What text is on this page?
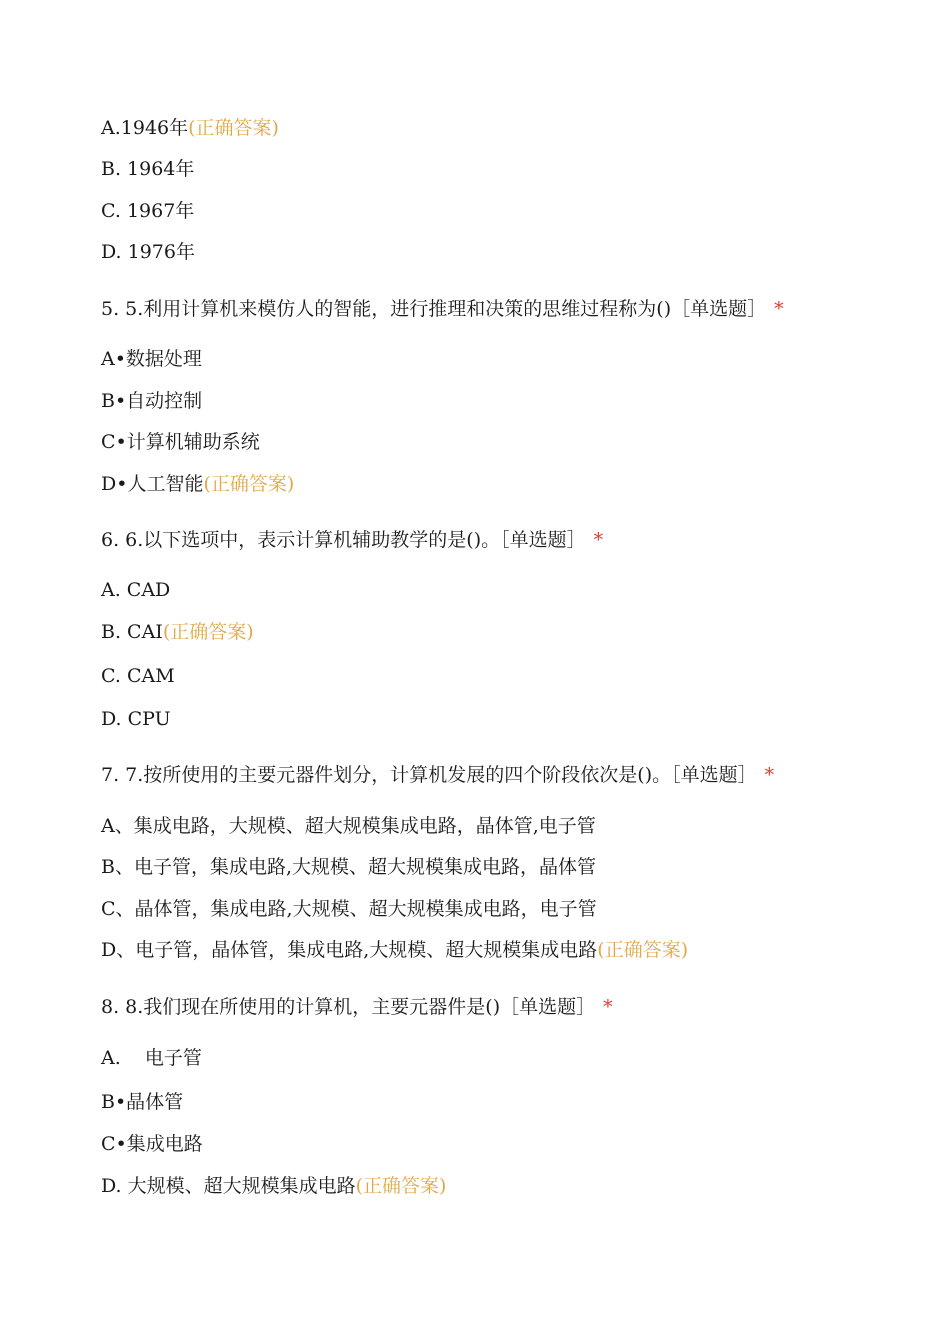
A.1946年(正确答案)
B. 1964年
C. 1967年
D. 1976年
5. 5.利用计算机来模仿人的智能，进行推理和决策的思维过程称为()［单选题］ *
A•数据处理
B•自动控制
C•计算机辅助系统
D•人工智能(正确答案)
6. 6.以下选项中，表示计算机辅助教学的是()。［单选题］ *
A. CAD
B. CAI(正确答案)
C. CAM
D. CPU
7. 7.按所使用的主要元器件划分，计算机发展的四个阶段依次是()。［单选题］ *
A、集成电路，大规模、超大规模集成电路，晶体管,电子管
B、电子管，集成电路,大规模、超大规模集成电路，晶体管
C、晶体管，集成电路,大规模、超大规模集成电路，电子管
D、电子管，晶体管，集成电路,大规模、超大规模集成电路(正确答案)
8. 8.我们现在所使用的计算机，主要元器件是()［单选题］ *
A.    电子管
B•晶体管
C•集成电路
D. 大规模、超大规模集成电路(正确答案)
